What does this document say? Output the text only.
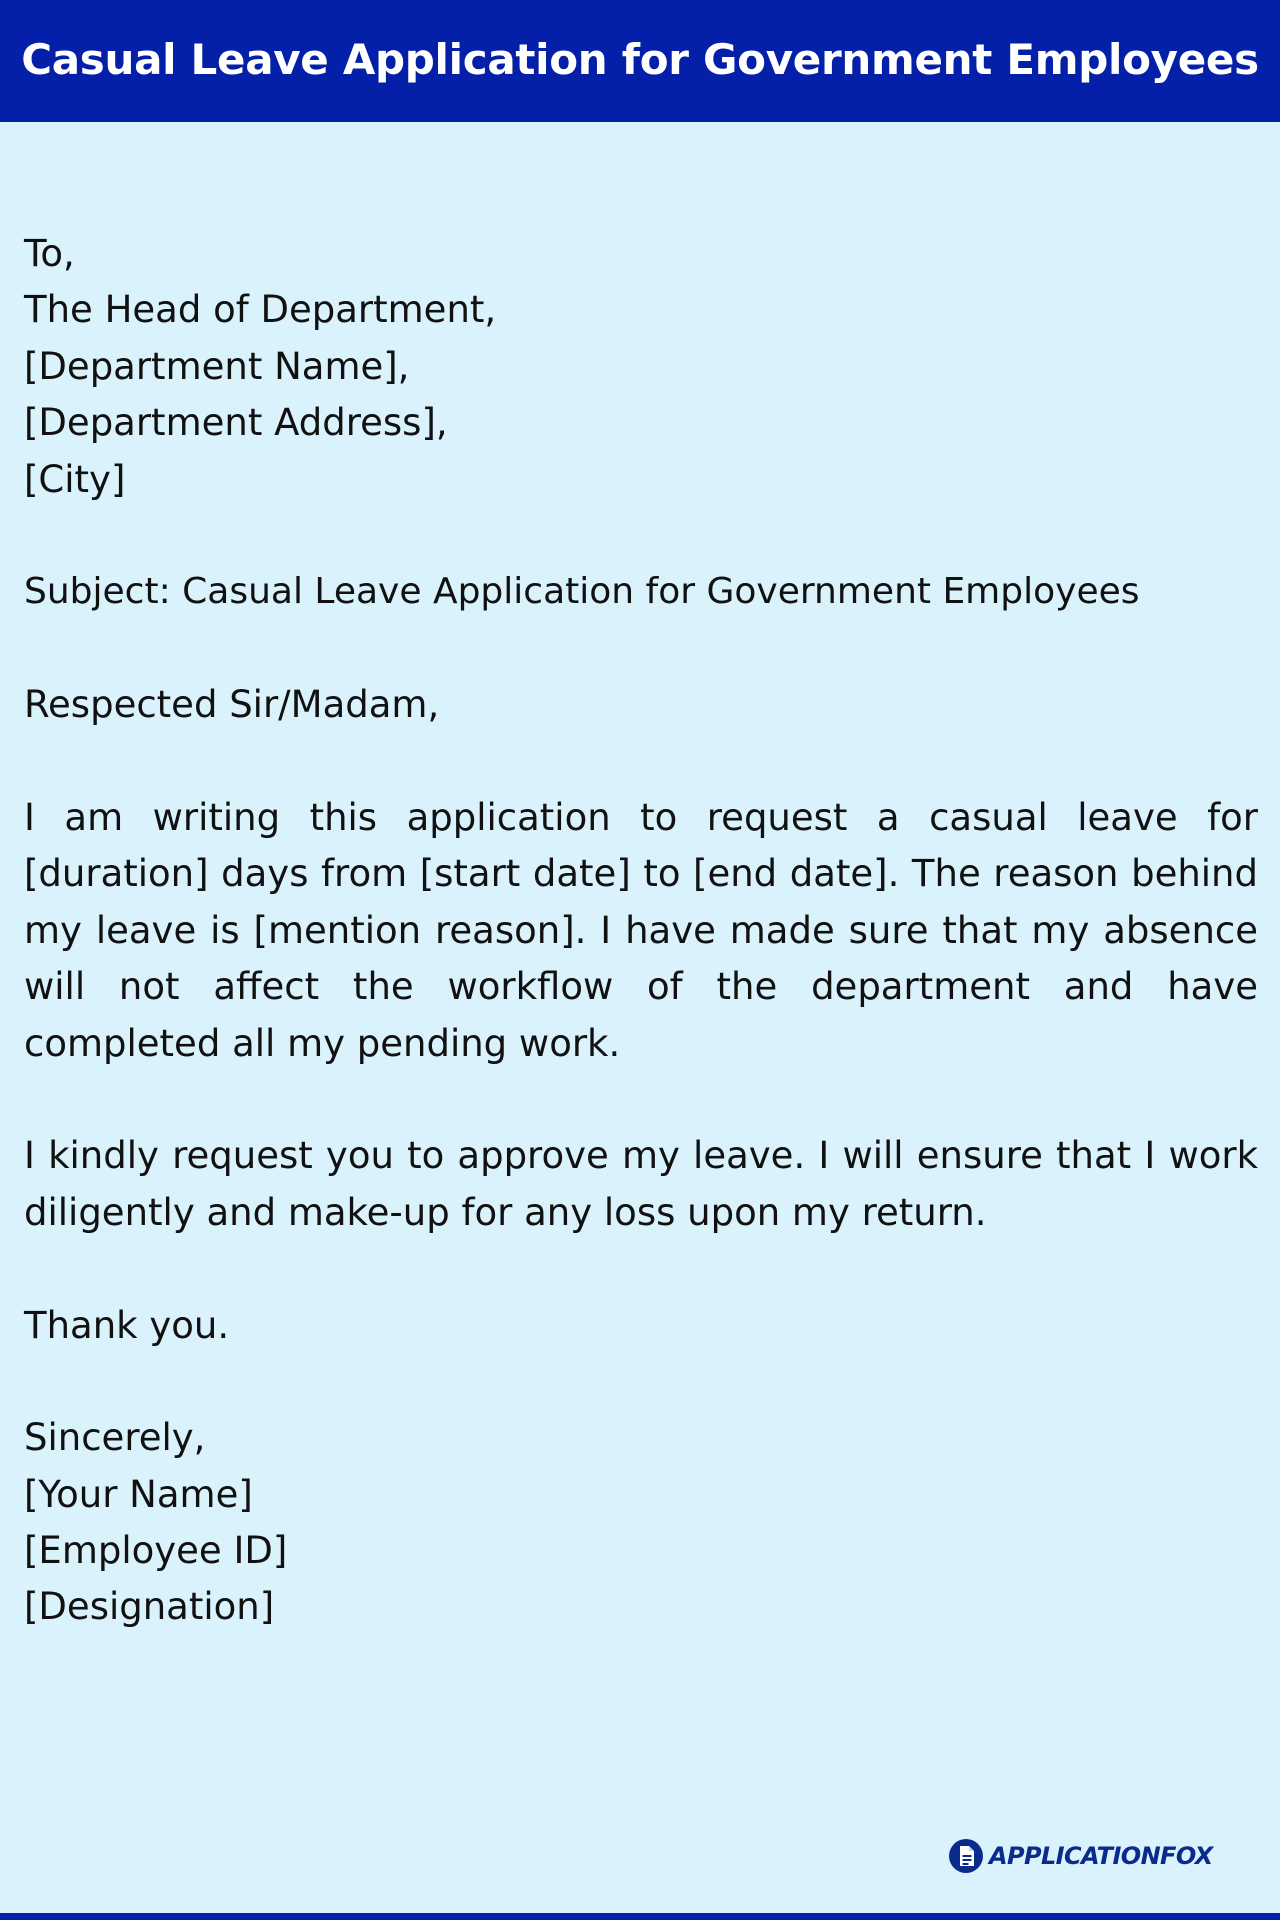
Casual Leave Application for Government Employees
To,
The Head of Department,
[Department Name],
[Department Address],
[City]
Subject: Casual Leave Application for Government Employees
Respected Sir/Madam,
I am writing this application to request a casual leave for [duration] days from [start date] to [end date]. The reason behind my leave is [mention reason]. I have made sure that my absence will not affect the workflow of the department and have completed all my pending work.
I kindly request you to approve my leave. I will ensure that I work diligently and make-up for any loss upon my return.
Thank you.
Sincerely,
[Your Name]
[Employee ID]
[Designation]
APPLICATIONFOX
